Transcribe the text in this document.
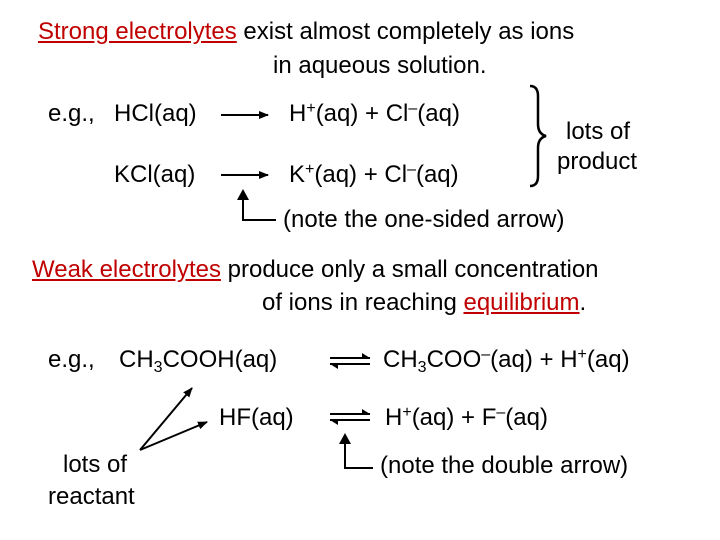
Strong electrolytes exist almost completely as ions
in aqueous solution.
e.g., HCl(aq)	H+(aq) + Cl–(aq)
KCl(aq)	K+(aq) + Cl–(aq)
lots of
product
(note the one-sided arrow)
Weak electrolytes produce only a small concentration
of ions in reaching equilibrium.
e.g., $CH_3COOH(aq)$	$CH_3COO^-(aq) + H^+(aq)$
HF(aq)	H+(aq) + F–(aq)
lots of
reactant
(note the double arrow)
